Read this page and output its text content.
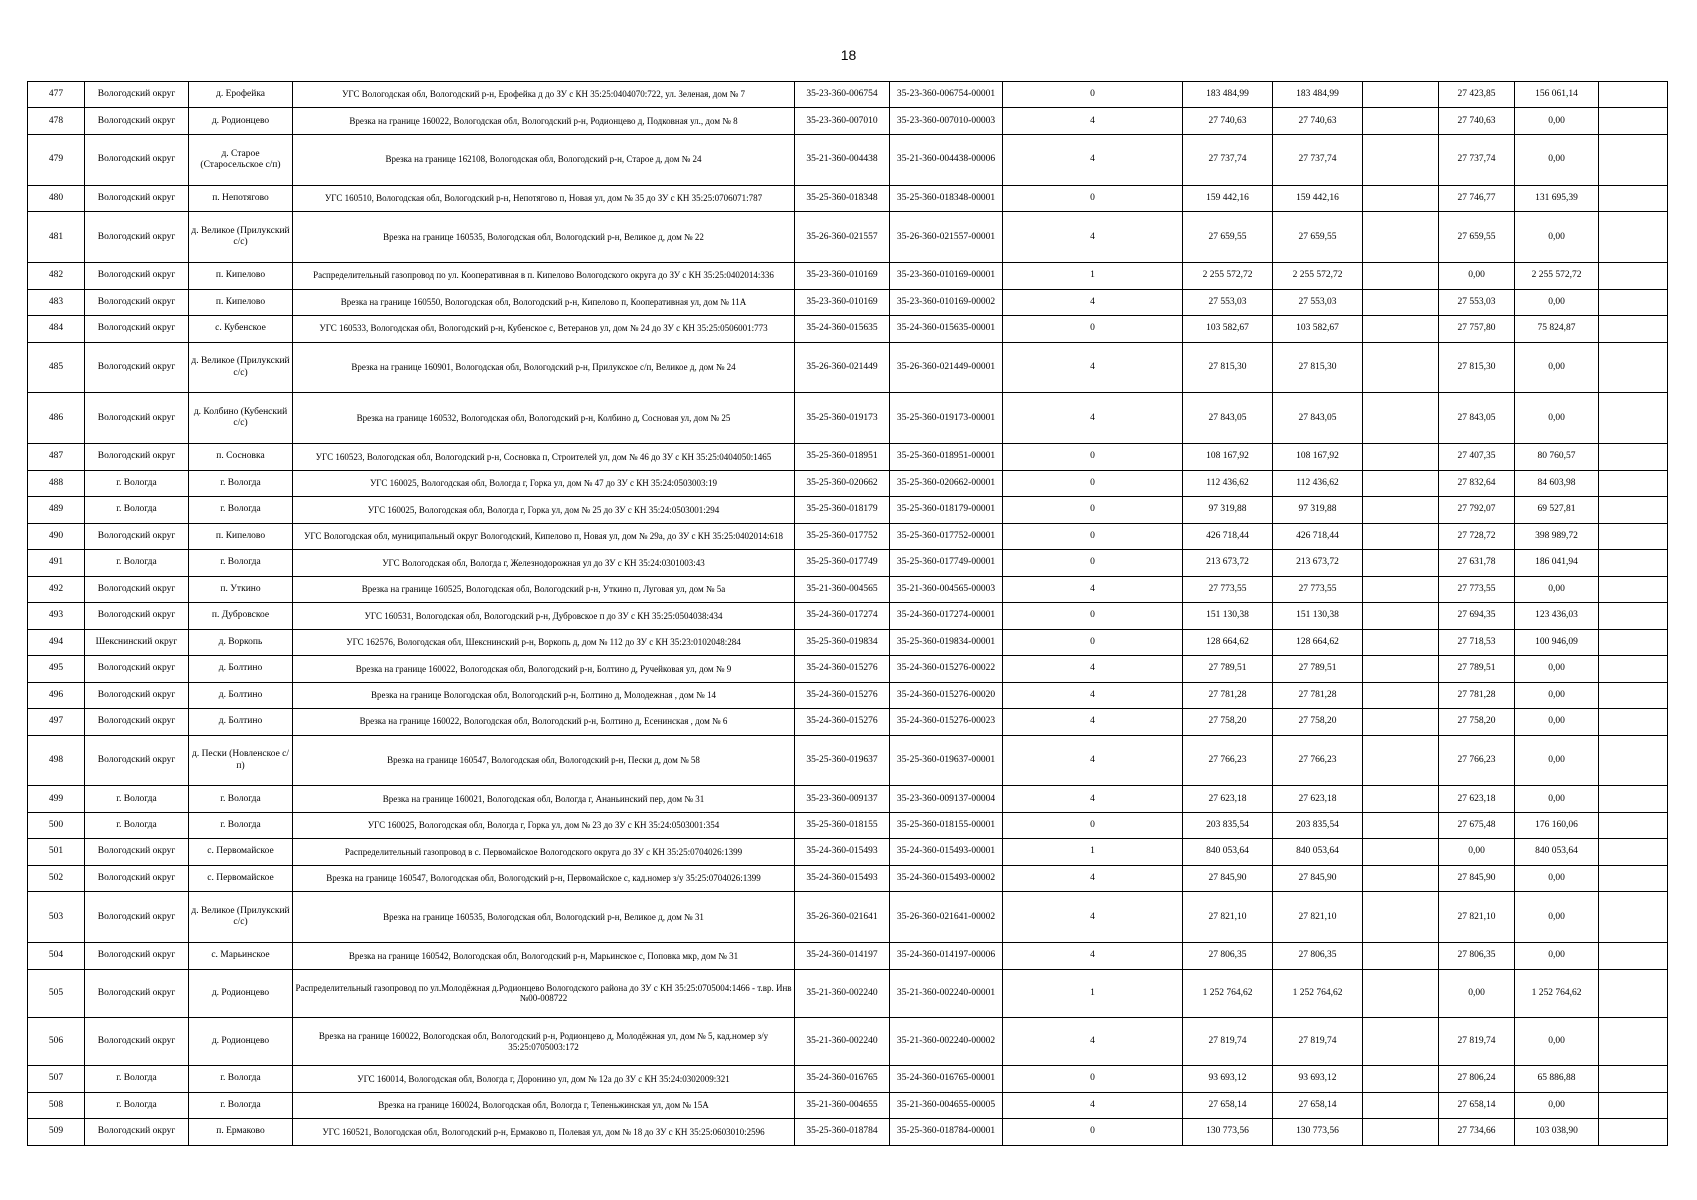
18
477	Вологодский округ	д. Ерофейка	УГС Вологодская обл, Вологодский р-н, Ерофейка д до ЗУ с КН 35:25:0404070:722, ул. Зеленая, дом № 7	35-23-360-006754	35-23-360-006754-00001	0	183 484,99	183 484,99		27 423,85	156 061,14	
478	Вологодский округ	д. Родионцево	Врезка на границе 160022, Вологодская обл, Вологодский р-н, Родионцево д, Подковная ул., дом № 8	35-23-360-007010	35-23-360-007010-00003	4	27 740,63	27 740,63		27 740,63	0,00	
479	Вологодский округ	д. Старое (Старосельское с/п)	Врезка на границе 162108, Вологодская обл, Вологодский р-н, Старое д, дом № 24	35-21-360-004438	35-21-360-004438-00006	4	27 737,74	27 737,74		27 737,74	0,00	
480	Вологодский округ	п. Непотягово	УГС 160510, Вологодская обл, Вологодский р-н, Непотягово п, Новая ул, дом № 35 до ЗУ с КН 35:25:0706071:787	35-25-360-018348	35-25-360-018348-00001	0	159 442,16	159 442,16		27 746,77	131 695,39	
481	Вологодский округ	д. Великое (Прилукский с/с)	Врезка на границе 160535, Вологодская обл, Вологодский р-н, Великое д, дом № 22	35-26-360-021557	35-26-360-021557-00001	4	27 659,55	27 659,55		27 659,55	0,00	
482	Вологодский округ	п. Кипелово	Распределительный газопровод по ул. Кооперативная в п. Кипелово Вологодского округа до ЗУ с КН 35:25:0402014:336	35-23-360-010169	35-23-360-010169-00001	1	2 255 572,72	2 255 572,72		0,00	2 255 572,72	
483	Вологодский округ	п. Кипелово	Врезка на границе 160550, Вологодская обл, Вологодский р-н, Кипелово п, Кооперативная ул, дом № 11А	35-23-360-010169	35-23-360-010169-00002	4	27 553,03	27 553,03		27 553,03	0,00	
484	Вологодский округ	с. Кубенское	УГС 160533, Вологодская обл, Вологодский р-н, Кубенское с, Ветеранов ул, дом № 24 до ЗУ с КН 35:25:0506001:773	35-24-360-015635	35-24-360-015635-00001	0	103 582,67	103 582,67		27 757,80	75 824,87	
485	Вологодский округ	д. Великое (Прилукский с/с)	Врезка на границе 160901, Вологодская обл, Вологодский р-н, Прилукское с/п, Великое д, дом № 24	35-26-360-021449	35-26-360-021449-00001	4	27 815,30	27 815,30		27 815,30	0,00	
486	Вологодский округ	д. Колбино (Кубенский с/с)	Врезка на границе 160532, Вологодская обл, Вологодский р-н, Колбино д, Сосновая ул, дом № 25	35-25-360-019173	35-25-360-019173-00001	4	27 843,05	27 843,05		27 843,05	0,00	
487	Вологодский округ	п. Сосновка	УГС 160523, Вологодская обл, Вологодский р-н, Сосновка п, Строителей ул, дом № 46 до ЗУ с КН 35:25:0404050:1465	35-25-360-018951	35-25-360-018951-00001	0	108 167,92	108 167,92		27 407,35	80 760,57	
488	г. Вологда	г. Вологда	УГС 160025, Вологодская обл, Вологда г, Горка ул, дом № 47 до ЗУ с КН 35:24:0503003:19	35-25-360-020662	35-25-360-020662-00001	0	112 436,62	112 436,62		27 832,64	84 603,98	
489	г. Вологда	г. Вологда	УГС 160025, Вологодская обл, Вологда г, Горка ул, дом № 25 до ЗУ с КН 35:24:0503001:294	35-25-360-018179	35-25-360-018179-00001	0	97 319,88	97 319,88		27 792,07	69 527,81	
490	Вологодский округ	п. Кипелово	УГС Вологодская обл, муниципальный округ Вологодский, Кипелово п, Новая ул, дом № 29а, до ЗУ с КН 35:25:0402014:618	35-25-360-017752	35-25-360-017752-00001	0	426 718,44	426 718,44		27 728,72	398 989,72	
491	г. Вологда	г. Вологда	УГС Вологодская обл, Вологда г, Железнодорожная ул до ЗУ с КН 35:24:0301003:43	35-25-360-017749	35-25-360-017749-00001	0	213 673,72	213 673,72		27 631,78	186 041,94	
492	Вологодский округ	п. Уткино	Врезка на границе 160525, Вологодская обл, Вологодский р-н, Уткино п, Луговая ул, дом № 5а	35-21-360-004565	35-21-360-004565-00003	4	27 773,55	27 773,55		27 773,55	0,00	
493	Вологодский округ	п. Дубровское	УГС 160531, Вологодская обл, Вологодский р-н, Дубровское п до ЗУ с КН 35:25:0504038:434	35-24-360-017274	35-24-360-017274-00001	0	151 130,38	151 130,38		27 694,35	123 436,03	
494	Шекснинский округ	д. Воркопь	УГС 162576, Вологодская обл, Шекснинский р-н, Воркопь д, дом № 112 до ЗУ с КН 35:23:0102048:284	35-25-360-019834	35-25-360-019834-00001	0	128 664,62	128 664,62		27 718,53	100 946,09	
495	Вологодский округ	д. Болтино	Врезка на границе 160022, Вологодская обл, Вологодский р-н, Болтино д, Ручейковая ул, дом № 9	35-24-360-015276	35-24-360-015276-00022	4	27 789,51	27 789,51		27 789,51	0,00	
496	Вологодский округ	д. Болтино	Врезка на границе Вологодская обл, Вологодский р-н, Болтино д, Молодежная , дом № 14	35-24-360-015276	35-24-360-015276-00020	4	27 781,28	27 781,28		27 781,28	0,00	
497	Вологодский округ	д. Болтино	Врезка на границе 160022, Вологодская обл, Вологодский р-н, Болтино д, Есенинская , дом № 6	35-24-360-015276	35-24-360-015276-00023	4	27 758,20	27 758,20		27 758,20	0,00	
498	Вологодский округ	д. Пески (Новленское с/п)	Врезка на границе 160547, Вологодская обл, Вологодский р-н, Пески д, дом № 58	35-25-360-019637	35-25-360-019637-00001	4	27 766,23	27 766,23		27 766,23	0,00	
499	г. Вологда	г. Вологда	Врезка на границе 160021, Вологодская обл, Вологда г, Ананьинский пер, дом № 31	35-23-360-009137	35-23-360-009137-00004	4	27 623,18	27 623,18		27 623,18	0,00	
500	г. Вологда	г. Вологда	УГС 160025, Вологодская обл, Вологда г, Горка ул, дом № 23 до ЗУ с КН 35:24:0503001:354	35-25-360-018155	35-25-360-018155-00001	0	203 835,54	203 835,54		27 675,48	176 160,06	
501	Вологодский округ	с. Первомайское	Распределительный газопровод в с. Первомайское Вологодского округа до ЗУ с КН 35:25:0704026:1399	35-24-360-015493	35-24-360-015493-00001	1	840 053,64	840 053,64		0,00	840 053,64	
502	Вологодский округ	с. Первомайское	Врезка на границе 160547, Вологодская обл, Вологодский р-н, Первомайское с, кад.номер з/у 35:25:0704026:1399	35-24-360-015493	35-24-360-015493-00002	4	27 845,90	27 845,90		27 845,90	0,00	
503	Вологодский округ	д. Великое (Прилукский с/с)	Врезка на границе 160535, Вологодская обл, Вологодский р-н, Великое д, дом № 31	35-26-360-021641	35-26-360-021641-00002	4	27 821,10	27 821,10		27 821,10	0,00	
504	Вологодский округ	с. Марьинское	Врезка на границе 160542, Вологодская обл, Вологодский р-н, Марьинское с, Поповка мкр, дом № 31	35-24-360-014197	35-24-360-014197-00006	4	27 806,35	27 806,35		27 806,35	0,00	
505	Вологодский округ	д. Родионцево	Распределительный газопровод по ул.Молодёжная д.Родионцево Вологодского района до ЗУ с КН 35:25:0705004:1466 - т.вр. Инв №00-008722	35-21-360-002240	35-21-360-002240-00001	1	1 252 764,62	1 252 764,62		0,00	1 252 764,62	
506	Вологодский округ	д. Родионцево	Врезка на границе 160022, Вологодская обл, Вологодский р-н, Родионцево д, Молодёжная ул, дом № 5, кад.номер з/у 35:25:0705003:172	35-21-360-002240	35-21-360-002240-00002	4	27 819,74	27 819,74		27 819,74	0,00	
507	г. Вологда	г. Вологда	УГС 160014, Вологодская обл, Вологда г, Доронино ул, дом № 12а до ЗУ с КН 35:24:0302009:321	35-24-360-016765	35-24-360-016765-00001	0	93 693,12	93 693,12		27 806,24	65 886,88	
508	г. Вологда	г. Вологда	Врезка на границе 160024, Вологодская обл, Вологда г, Тепеньжинская ул, дом № 15А	35-21-360-004655	35-21-360-004655-00005	4	27 658,14	27 658,14		27 658,14	0,00	
509	Вологодский округ	п. Ермаково	УГС 160521, Вологодская обл, Вологодский р-н, Ермаково п, Полевая ул, дом № 18 до ЗУ с КН 35:25:0603010:2596	35-25-360-018784	35-25-360-018784-00001	0	130 773,56	130 773,56		27 734,66	103 038,90	
